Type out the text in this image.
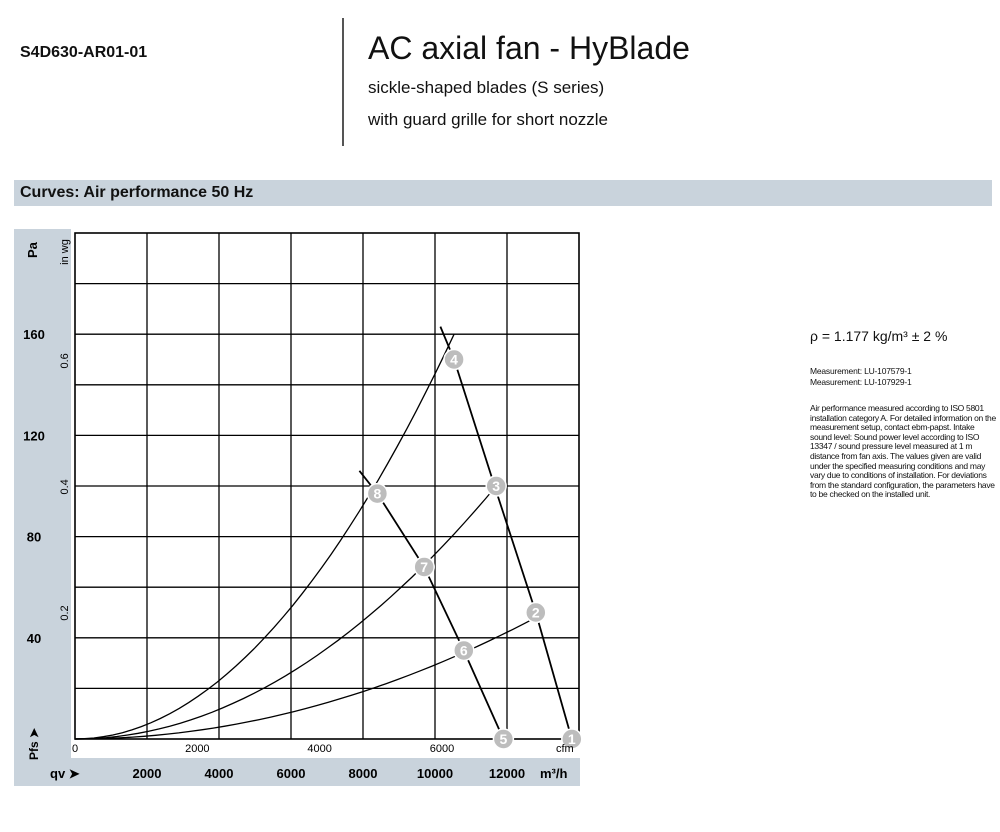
S4D630-AR01-01	AC axial fan - HyBlade
sickle-shaped blades (S series)
with guard grille for short nozzle
Curves: Air performance 50 Hz
1
2
3
4
5
6
7
8
2000	4000	6000	8000	10000	12000 m³/h
qv ➤
0	2000	4000	6000	cfm
40
80
120
160
Pa
Pfs ➤
0.2
0.4
0.6
in wg
ρ = 1.177 kg/m³ ± 2 %
Measurement: LU-107579-1
Measurement: LU-107929-1
Air performance measured according to ISO 5801 installation category A. For detailed information on the measurement setup, contact ebm-papst. Intake sound level: Sound power level according to ISO 13347 / sound pressure level measured at 1 m distance from fan axis. The values given are valid under the specified measuring conditions and may vary due to conditions of installation. For deviations from the standard configuration, the parameters have to be checked on the installed unit.
